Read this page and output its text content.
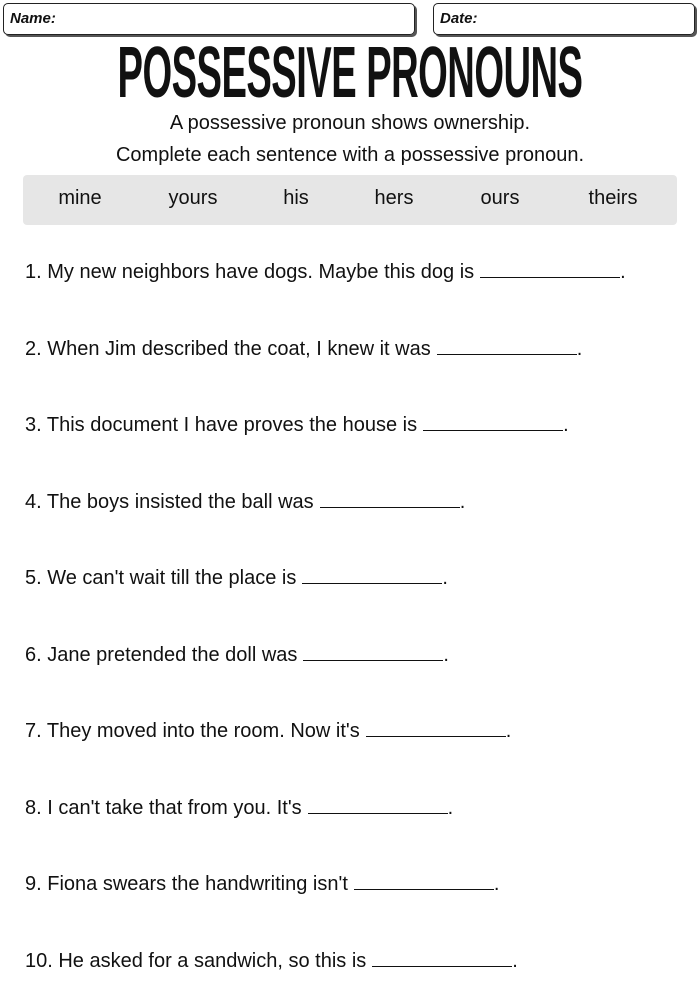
Name:	Date:
POSSESSIVE PRONOUNS
A possessive pronoun shows ownership.
Complete each sentence with a possessive pronoun.
mine	yours	his	hers	ours	theirs
1. My new neighbors have dogs. Maybe this dog is	.
2. When Jim described the coat, I knew it was	.
3. This document I have proves the house is	.
4. The boys insisted the ball was	.
5. We can't wait till the place is	.
6. Jane pretended the doll was	.
7. They moved into the room. Now it's	.
8. I can't take that from you. It's	.
9. Fiona swears the handwriting isn't	.
10. He asked for a sandwich, so this is	.
